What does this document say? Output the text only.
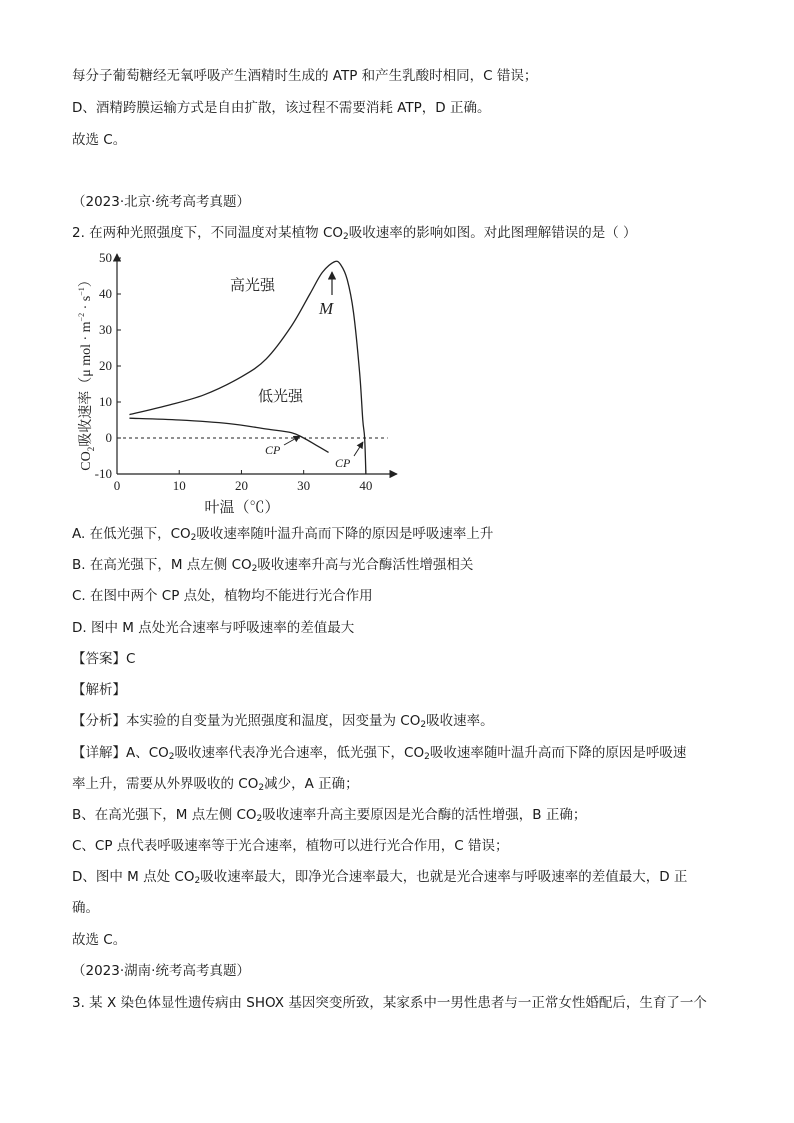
每分子葡萄糖经无氧呼吸产生酒精时生成的 ATP 和产生乳酸时相同，C 错误；
D、酒精跨膜运输方式是自由扩散，该过程不需要消耗 ATP，D 正确。
故选 C。
（2023·北京·统考高考真题）
2. 在两种光照强度下，不同温度对某植物 $CO_2$吸收速率的影响如图。对此图理解错误的是（ ）
0	10	20	30	40
-10
0
10
20
30
40
50
$CO_2$吸收速率（μ mol · $m^{-2} \cdot s^{-1}$）
叶温（℃）
高光强
低光强
M
CP
CP
A. 在低光强下，$CO_2$吸收速率随叶温升高而下降的原因是呼吸速率上升
B. 在高光强下，M 点左侧 $CO_2$吸收速率升高与光合酶活性增强相关
C. 在图中两个 CP 点处，植物均不能进行光合作用
D. 图中 M 点处光合速率与呼吸速率的差值最大
【答案】C
【解析】
【分析】本实验的自变量为光照强度和温度，因变量为 $CO_2$吸收速率。
【详解】A、$CO_2$吸收速率代表净光合速率，低光强下，$CO_2$吸收速率随叶温升高而下降的原因是呼吸速
率上升，需要从外界吸收的 $CO_2$减少，A 正确；
B、在高光强下，M 点左侧 $CO_2$吸收速率升高主要原因是光合酶的活性增强，B 正确；
C、CP 点代表呼吸速率等于光合速率，植物可以进行光合作用，C 错误；
D、图中 M 点处 $CO_2$吸收速率最大，即净光合速率最大，也就是光合速率与呼吸速率的差值最大，D 正
确。
故选 C。
（2023·湖南·统考高考真题）
3. 某 X 染色体显性遗传病由 SHOX 基因突变所致，某家系中一男性患者与一正常女性婚配后，生育了一个
